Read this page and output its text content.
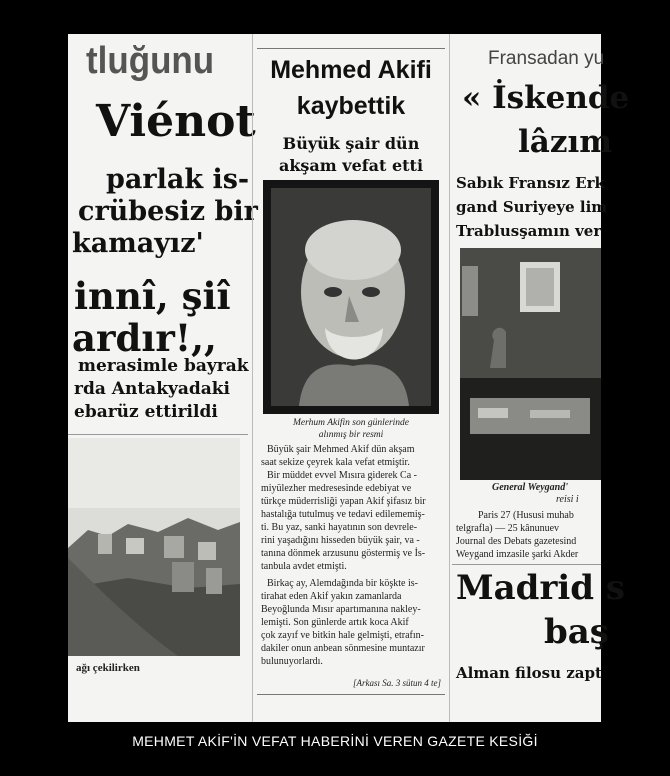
tluğunu
Viénot
parlak is-
crübesiz bir
kamayız'
innî, şiî
ardır!,,
merasimle bayrak
rda Antakyadaki
ebarüz ettirildi
ağı çekilirken
Mehmed Akifi
kaybettik
Büyük şair dün
akşam vefat etti
Merhum Akifin son günlerinde
alınmış bir resmi
Büyük şair Mehmed Akif dün akşam
saat sekize çeyrek kala vefat etmiştir.
Bir müddet evvel Mısıra giderek Ca -
miyülezher medresesinde edebiyat ve
türkçe müderrisliği yapan Akif şifasız bir
hastalığa tutulmuş ve tedavi edilememiş-
ti. Bu yaz, sanki hayatının son devrele-
rini yaşadığını hisseden büyük şair, va -
tanına dönmek arzusunu göstermiş ve İs-
tanbula avdet etmişti.
Birkaç ay, Alemdağında bir köşkte is-
tirahat eden Akif yakın zamanlarda
Beyoğlunda Mısır apartımanına nakley-
lemişti. Son günlerde artık koca Akif
çok zayıf ve bitkin hale gelmişti, etrafın-
dakiler onun anbean sönmesine muntazır
bulunuyorlardı.
[Arkası Sa. 3 sütun 4 te]
Fransadan yu
« İskende
lâzım
Sabık Fransız Erk
gand Suriyeye lim
Trablusşamın ver
General Weygand'
reisi i
Paris 27 (Hususi muhab
telgrafla) — 25 kânunuev
Journal des Debats gazetesind
Weygand imzasile şarki Akder
Madrid s
baş
Alman filosu zapt
MEHMET AKİF'İN VEFAT HABERİNİ VEREN GAZETE KESİĞİ
